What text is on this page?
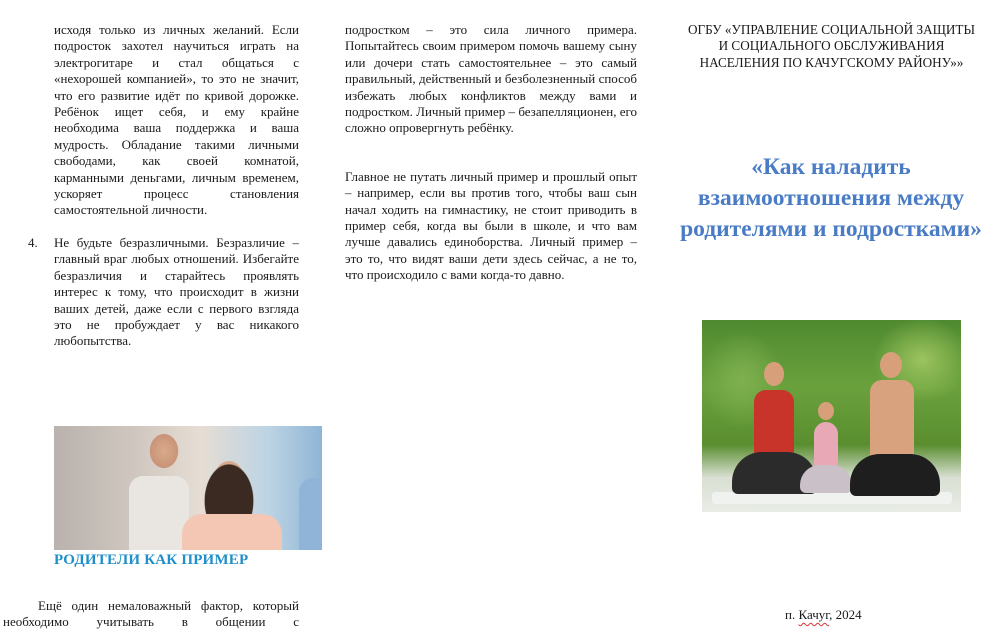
исходя только из личных желаний. Если подросток захотел научиться играть на электрогитаре и стал общаться с «нехорошей компанией», то это не значит, что его развитие идёт по кривой дорожке. Ребёнок ищет себя, и ему крайне необходима ваша поддержка и ваша мудрость. Обладание такими личными свободами, как своей комнатой, карманными деньгами, личным временем, ускоряет процесс становления самостоятельной личности.

4. Не будьте безразличными. Безразличие – главный враг любых отношений. Избегайте безразличия и старайтесь проявлять интерес к тому, что происходит в жизни ваших детей, даже если с первого взгляда это не пробуждает у вас никакого любопытства.

РОДИТЕЛИ КАК ПРИМЕР

Ещё один немаловажный фактор, который необходимо учитывать в общении с

подростком – это сила личного примера. Попытайтесь своим примером помочь вашему сыну или дочери стать самостоятельнее – это самый правильный, действенный и безболезненный способ избежать любых конфликтов между вами и подростком. Личный пример – безапелляционен, его сложно опровергнуть ребёнку.

Главное не путать личный пример и прошлый опыт – например, если вы против того, чтобы ваш сын начал ходить на гимнастику, не стоит приводить в пример себя, когда вы были в школе, и что вам лучше давались единоборства. Личный пример – это то, что видят ваши дети здесь сейчас, а не то, что происходило с вами когда-то давно.

ОГБУ «УПРАВЛЕНИЕ СОЦИАЛЬНОЙ ЗАЩИТЫ И СОЦИАЛЬНОГО ОБСЛУЖИВАНИЯ НАСЕЛЕНИЯ ПО КАЧУГСКОМУ РАЙОНУ»»

«Как наладить взаимоотношения между родителями и подростками»

п. Качуг, 2024
